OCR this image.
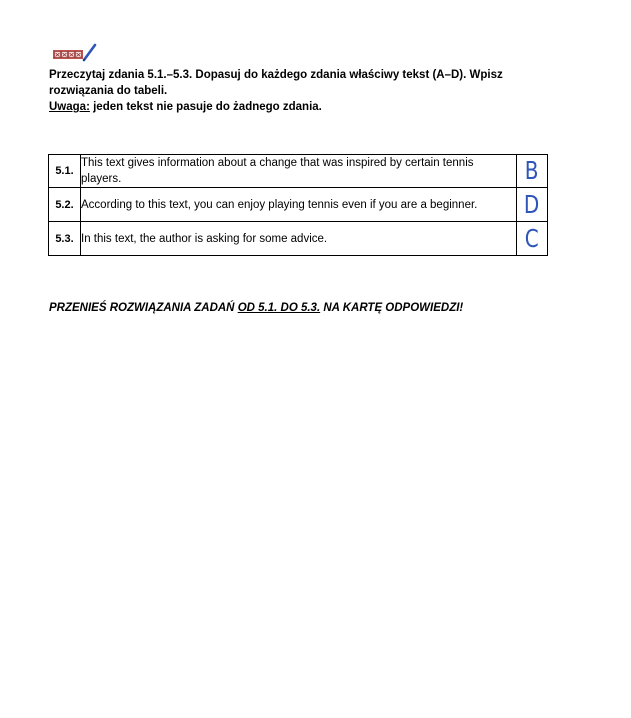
Przeczytaj zdania 5.1.–5.3. Dopasuj do każdego zdania właściwy tekst (A–D). Wpisz
rozwiązania do tabeli.
Uwaga: jeden tekst nie pasuje do żadnego zdania.
5.1.	This text gives information about a change that was inspired by certain tennis players.	B
5.2.	According to this text, you can enjoy playing tennis even if you are a beginner.	D
5.3.	In this text, the author is asking for some advice.	C
PRZENIEŚ ROZWIĄZANIA ZADAŃ OD 5.1. DO 5.3. NA KARTĘ ODPOWIEDZI!
